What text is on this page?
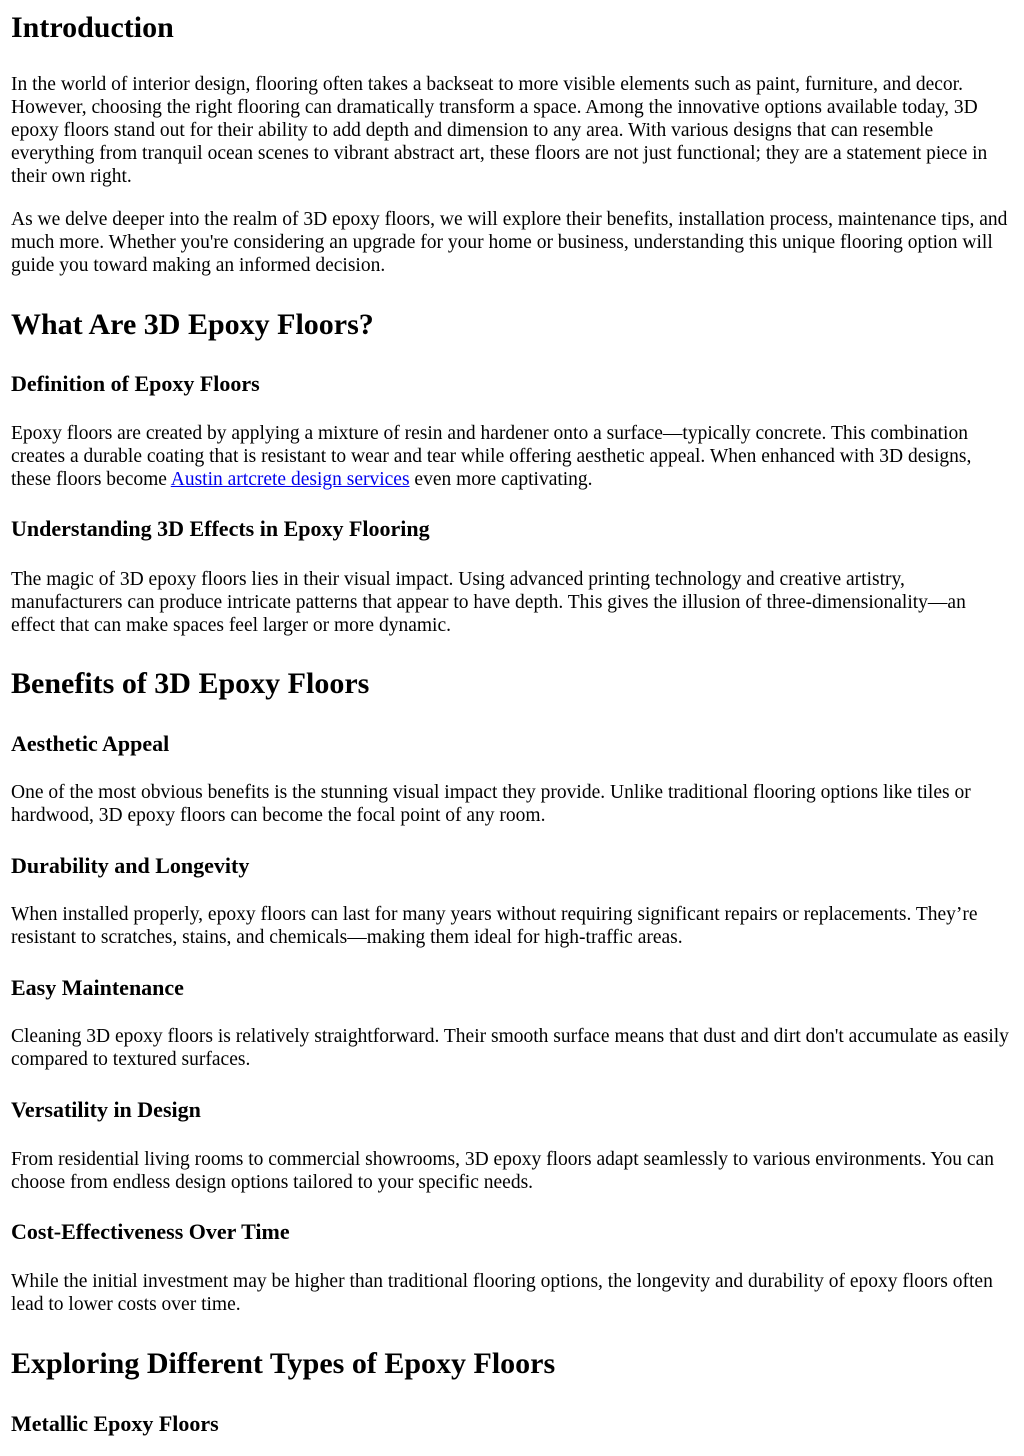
Introduction

In the world of interior design, flooring often takes a backseat to more visible elements such as paint, furniture, and decor. However, choosing the right flooring can dramatically transform a space. Among the innovative options available today, 3D epoxy floors stand out for their ability to add depth and dimension to any area. With various designs that can resemble everything from tranquil ocean scenes to vibrant abstract art, these floors are not just functional; they are a statement piece in their own right.

As we delve deeper into the realm of 3D epoxy floors, we will explore their benefits, installation process, maintenance tips, and much more. Whether you're considering an upgrade for your home or business, understanding this unique flooring option will guide you toward making an informed decision.

What Are 3D Epoxy Floors?
Definition of Epoxy Floors

Epoxy floors are created by applying a mixture of resin and hardener onto a surface—typically concrete. This combination creates a durable coating that is resistant to wear and tear while offering aesthetic appeal. When enhanced with 3D designs, these floors become Austin artcrete design services even more captivating.

Understanding 3D Effects in Epoxy Flooring

The magic of 3D epoxy floors lies in their visual impact. Using advanced printing technology and creative artistry, manufacturers can produce intricate patterns that appear to have depth. This gives the illusion of three-dimensionality—an effect that can make spaces feel larger or more dynamic.

Benefits of 3D Epoxy Floors
Aesthetic Appeal

One of the most obvious benefits is the stunning visual impact they provide. Unlike traditional flooring options like tiles or hardwood, 3D epoxy floors can become the focal point of any room.

Durability and Longevity

When installed properly, epoxy floors can last for many years without requiring significant repairs or replacements. They’re resistant to scratches, stains, and chemicals—making them ideal for high-traffic areas.

Easy Maintenance

Cleaning 3D epoxy floors is relatively straightforward. Their smooth surface means that dust and dirt don't accumulate as easily compared to textured surfaces.

Versatility in Design

From residential living rooms to commercial showrooms, 3D epoxy floors adapt seamlessly to various environments. You can choose from endless design options tailored to your specific needs.

Cost-Effectiveness Over Time

While the initial investment may be higher than traditional flooring options, the longevity and durability of epoxy floors often lead to lower costs over time.

Exploring Different Types of Epoxy Floors
Metallic Epoxy Floors
